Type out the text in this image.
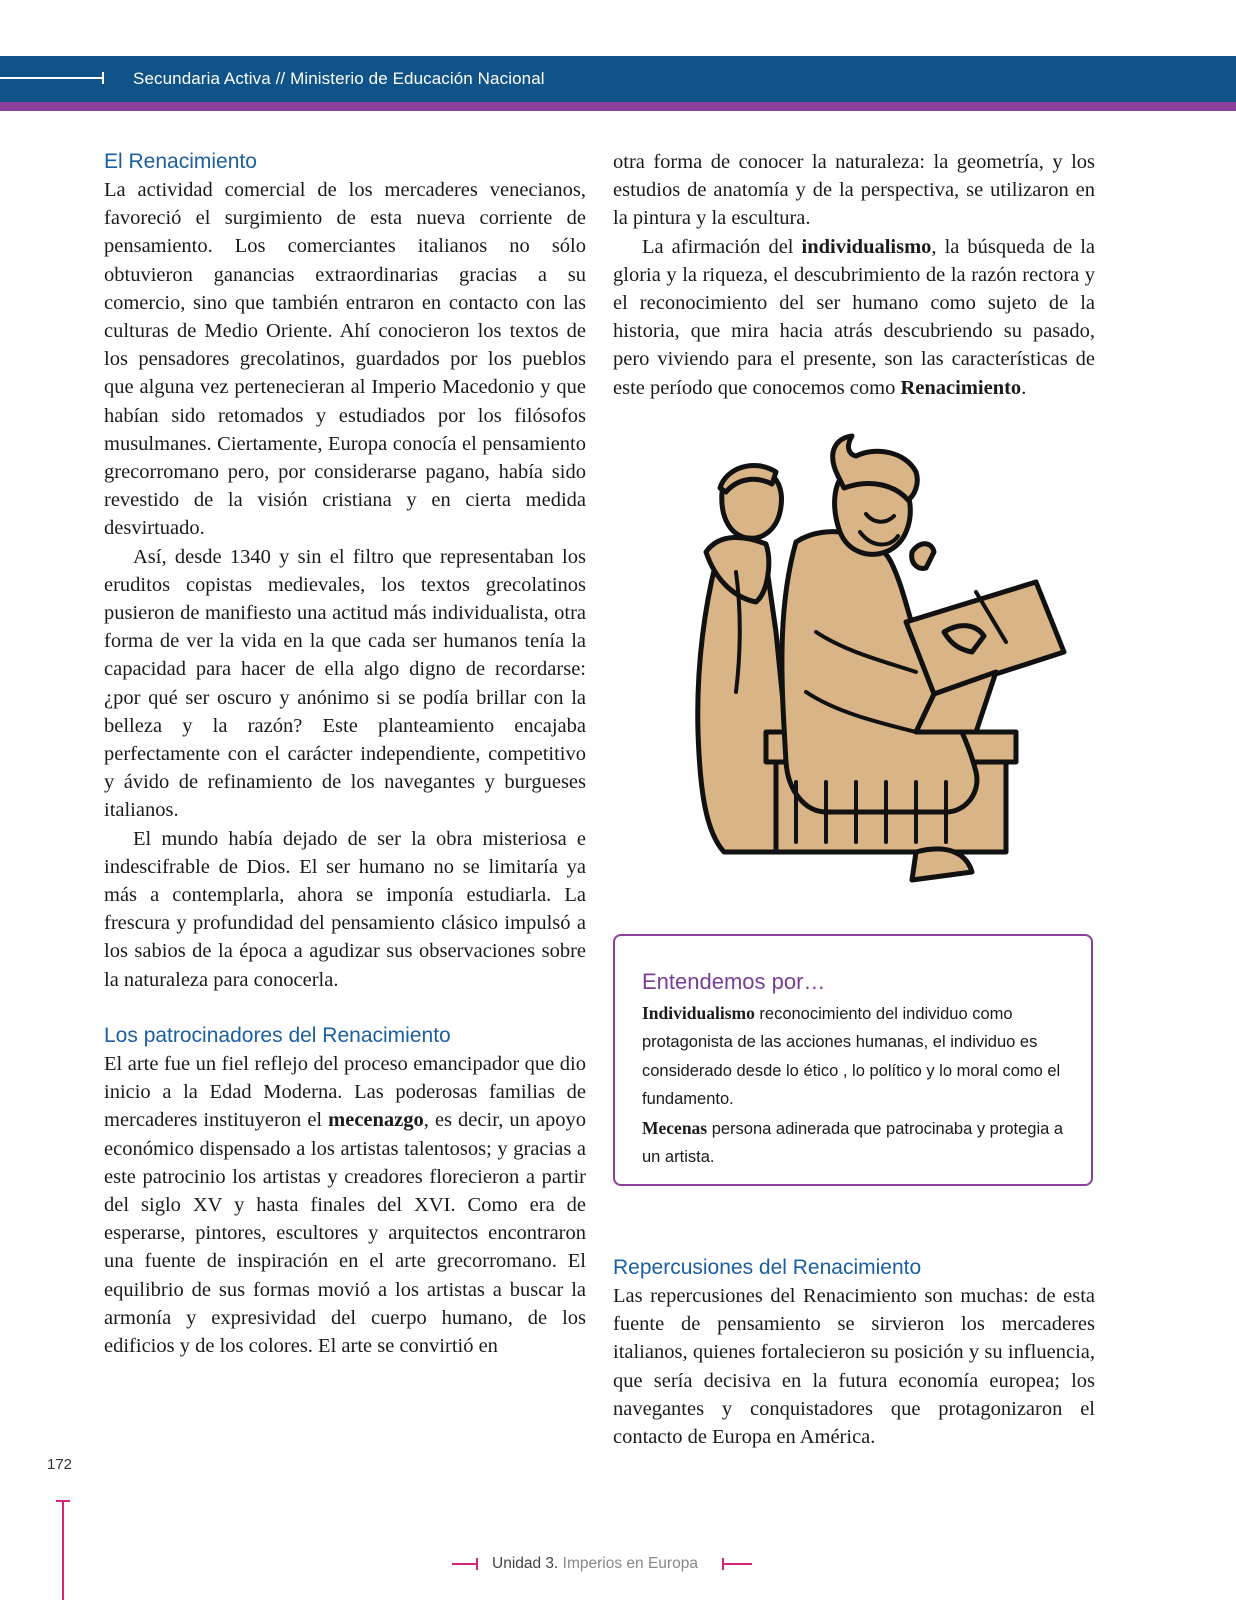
Secundaria Activa // Ministerio de Educación Nacional
El Renacimiento

La actividad comercial de los mercaderes venecianos, favoreció el surgimiento de esta nueva corriente de pensamiento. Los comerciantes italianos no sólo obtuvieron ganancias extraordinarias gracias a su comercio, sino que también entraron en contacto con las culturas de Medio Oriente. Ahí conocieron los textos de los pensadores grecolatinos, guardados por los pueblos que alguna vez pertenecieran al Imperio Macedonio y que habían sido retomados y estudiados por los filósofos musulmanes. Ciertamente, Europa conocía el pensamiento grecorromano pero, por considerarse pagano, había sido revestido de la visión cristiana y en cierta medida desvirtuado.

Así, desde 1340 y sin el filtro que representaban los eruditos copistas medievales, los textos grecolatinos pusieron de manifiesto una actitud más individualista, otra forma de ver la vida en la que cada ser humanos tenía la capacidad para hacer de ella algo digno de recordarse: ¿por qué ser oscuro y anónimo si se podía brillar con la belleza y la razón? Este planteamiento encajaba perfectamente con el carácter independiente, competitivo y ávido de refinamiento de los navegantes y burgueses italianos.

El mundo había dejado de ser la obra misteriosa e indescifrable de Dios. El ser humano no se limitaría ya más a contemplarla, ahora se imponía estudiarla. La frescura y profundidad del pensamiento clásico impulsó a los sabios de la época a agudizar sus observaciones sobre la naturaleza para conocerla.

Los patrocinadores del Renacimiento

El arte fue un fiel reflejo del proceso emancipador que dio inicio a la Edad Moderna. Las poderosas familias de mercaderes instituyeron el mecenazgo, es decir, un apoyo económico dispensado a los artistas talentosos; y gracias a este patrocinio los artistas y creadores florecieron a partir del siglo XV y hasta finales del XVI. Como era de esperarse, pintores, escultores y arquitectos encontraron una fuente de inspiración en el arte grecorromano. El equilibrio de sus formas movió a los artistas a buscar la armonía y expresividad del cuerpo humano, de los edificios y de los colores. El arte se convirtió en

otra forma de conocer la naturaleza: la geometría, y los estudios de anatomía y de la perspectiva, se utilizaron en la pintura y la escultura.

La afirmación del individualismo, la búsqueda de la gloria y la riqueza, el descubrimiento de la razón rectora y el reconocimiento del ser humano como sujeto de la historia, que mira hacia atrás descubriendo su pasado, pero viviendo para el presente, son las características de este período que conocemos como Renacimiento.

Entendemos por…

Individualismo reconocimiento del individuo como protagonista de las acciones humanas, el individuo es considerado desde lo ético , lo político y lo moral como el fundamento.

Mecenas persona adinerada que patrocinaba y protegia a un artista.

Repercusiones del Renacimiento

Las repercusiones del Renacimiento son muchas: de esta fuente de pensamiento se sirvieron los mercaderes italianos, quienes fortalecieron su posición y su influencia, que sería decisiva en la futura economía europea; los navegantes y conquistadores que protagonizaron el contacto de Europa en América.

172
Unidad 3. Imperios en Europa
